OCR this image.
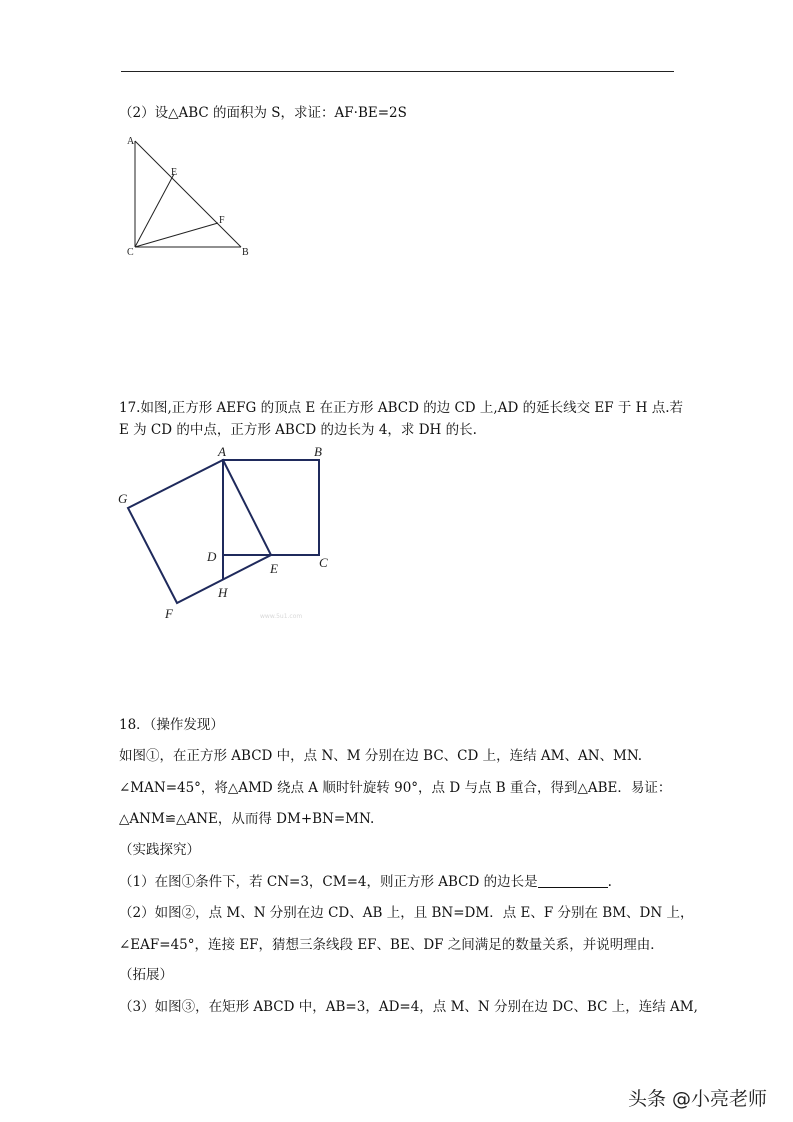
（2）设△ABC 的面积为 S，求证：AF·BE=2S
A
E
F
C	B
17.如图,正方形 AEFG 的顶点 E 在正方形 ABCD 的边 CD 上,AD 的延长线交 EF 于 H 点.若
E 为 CD 的中点，正方形 ABCD 的边长为 4，求 DH 的长.
A	B
G
D
E	C
H
F	www.5u1.com
18．（操作发现）
如图①，在正方形 ABCD 中，点 N、M 分别在边 BC、CD 上，连结 AM、AN、MN.
∠MAN=45°，将△AMD 绕点 A 顺时针旋转 90°，点 D 与点 B 重合，得到△ABE．易证：
△ANM≌△ANE，从而得 DM+BN=MN.
（实践探究）
（1）在图①条件下，若 CN=3，CM=4，则正方形 ABCD 的边长是	.
（2）如图②，点 M、N 分别在边 CD、AB 上，且 BN=DM．点 E、F 分别在 BM、DN 上，
∠EAF=45°，连接 EF，猜想三条线段 EF、BE、DF 之间满足的数量关系，并说明理由．
（拓展）
（3）如图③，在矩形 ABCD 中，AB=3，AD=4，点 M、N 分别在边 DC、BC 上，连结 AM,
头条 @小亮老师
